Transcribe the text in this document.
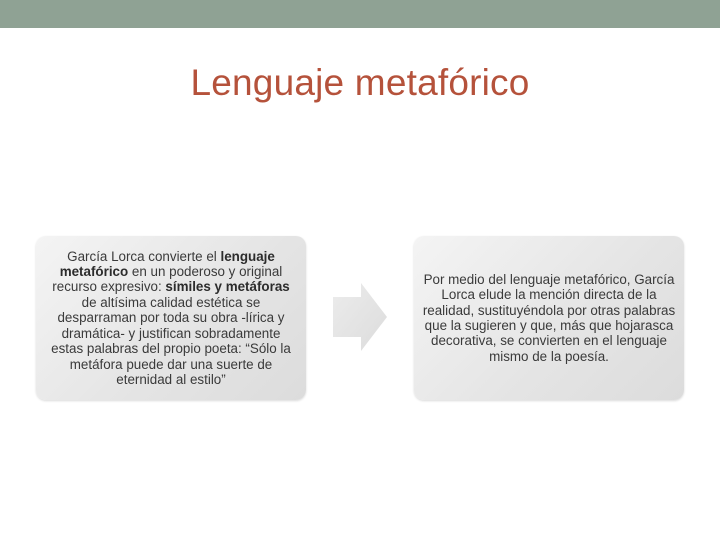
Lenguaje metafórico
García Lorca convierte el lenguaje metafórico en un poderoso y original recurso expresivo: símiles y metáforas de altísima calidad estética se desparraman por toda su obra -lírica y dramática- y justifican sobradamente estas palabras del propio poeta: “Sólo la metáfora puede dar una suerte de eternidad al estilo”
Por medio del lenguaje metafórico, García Lorca elude la mención directa de la realidad, sustituyéndola por otras palabras que la sugieren y que, más que hojarasca decorativa, se convierten en el lenguaje mismo de la poesía.
